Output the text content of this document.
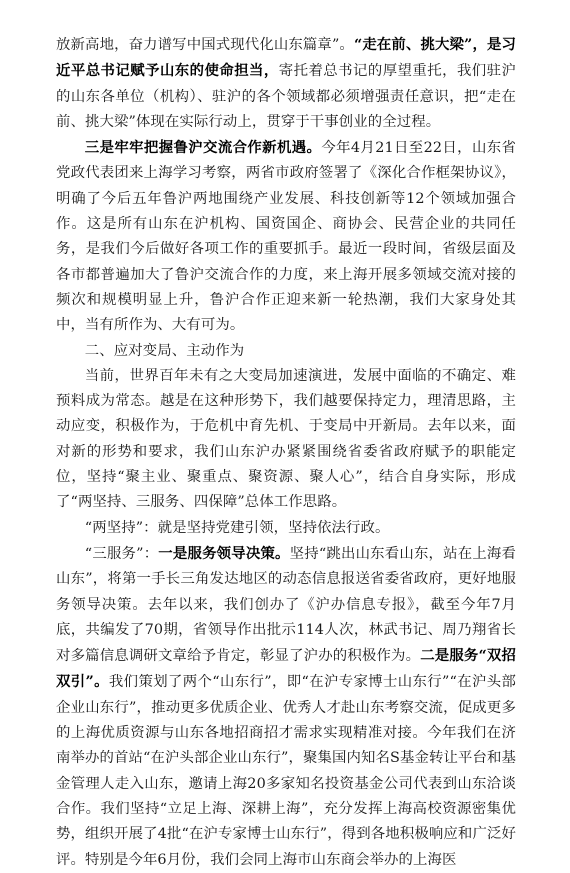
放新高地，奋力谱写中国式现代化山东篇章”。“走在前、挑大梁”，是习近平总书记赋予山东的使命担当，寄托着总书记的厚望重托，我们驻沪的山东各单位（机构）、驻沪的各个领域都必须增强责任意识，把“走在前、挑大梁”体现在实际行动上，贯穿于干事创业的全过程。

三是牢牢把握鲁沪交流合作新机遇。今年4月21日至22日，山东省党政代表团来上海学习考察，两省市政府签署了《深化合作框架协议》，明确了今后五年鲁沪两地围绕产业发展、科技创新等12个领域加强合作。这是所有山东在沪机构、国资国企、商协会、民营企业的共同任务，是我们今后做好各项工作的重要抓手。最近一段时间，省级层面及各市都普遍加大了鲁沪交流合作的力度，来上海开展多领域交流对接的频次和规模明显上升，鲁沪合作正迎来新一轮热潮，我们大家身处其中，当有所作为、大有可为。

二、应对变局、主动作为

当前，世界百年未有之大变局加速演进，发展中面临的不确定、难预料成为常态。越是在这种形势下，我们越要保持定力，理清思路，主动应变，积极作为，于危机中育先机、于变局中开新局。去年以来，面对新的形势和要求，我们山东沪办紧紧围绕省委省政府赋予的职能定位，坚持“聚主业、聚重点、聚资源、聚人心”，结合自身实际，形成了“两坚持、三服务、四保障”总体工作思路。

“两坚持”：就是坚持党建引领，坚持依法行政。

“三服务”：一是服务领导决策。坚持“跳出山东看山东，站在上海看山东”，将第一手长三角发达地区的动态信息报送省委省政府，更好地服务领导决策。去年以来，我们创办了《沪办信息专报》，截至今年7月底，共编发了70期，省领导作出批示114人次，林武书记、周乃翔省长对多篇信息调研文章给予肯定，彰显了沪办的积极作为。二是服务“双招双引”。我们策划了两个“山东行”，即“在沪专家博士山东行”“在沪头部企业山东行”，推动更多优质企业、优秀人才赴山东考察交流，促成更多的上海优质资源与山东各地招商招才需求实现精准对接。今年我们在济南举办的首站“在沪头部企业山东行”，聚集国内知名S基金转让平台和基金管理人走入山东，邀请上海20多家知名投资基金公司代表到山东洽谈合作。我们坚持“立足上海、深耕上海”，充分发挥上海高校资源密集优势，组织开展了4批“在沪专家博士山东行”，得到各地积极响应和广泛好评。特别是今年6月份，我们会同上海市山东商会举办的上海医
